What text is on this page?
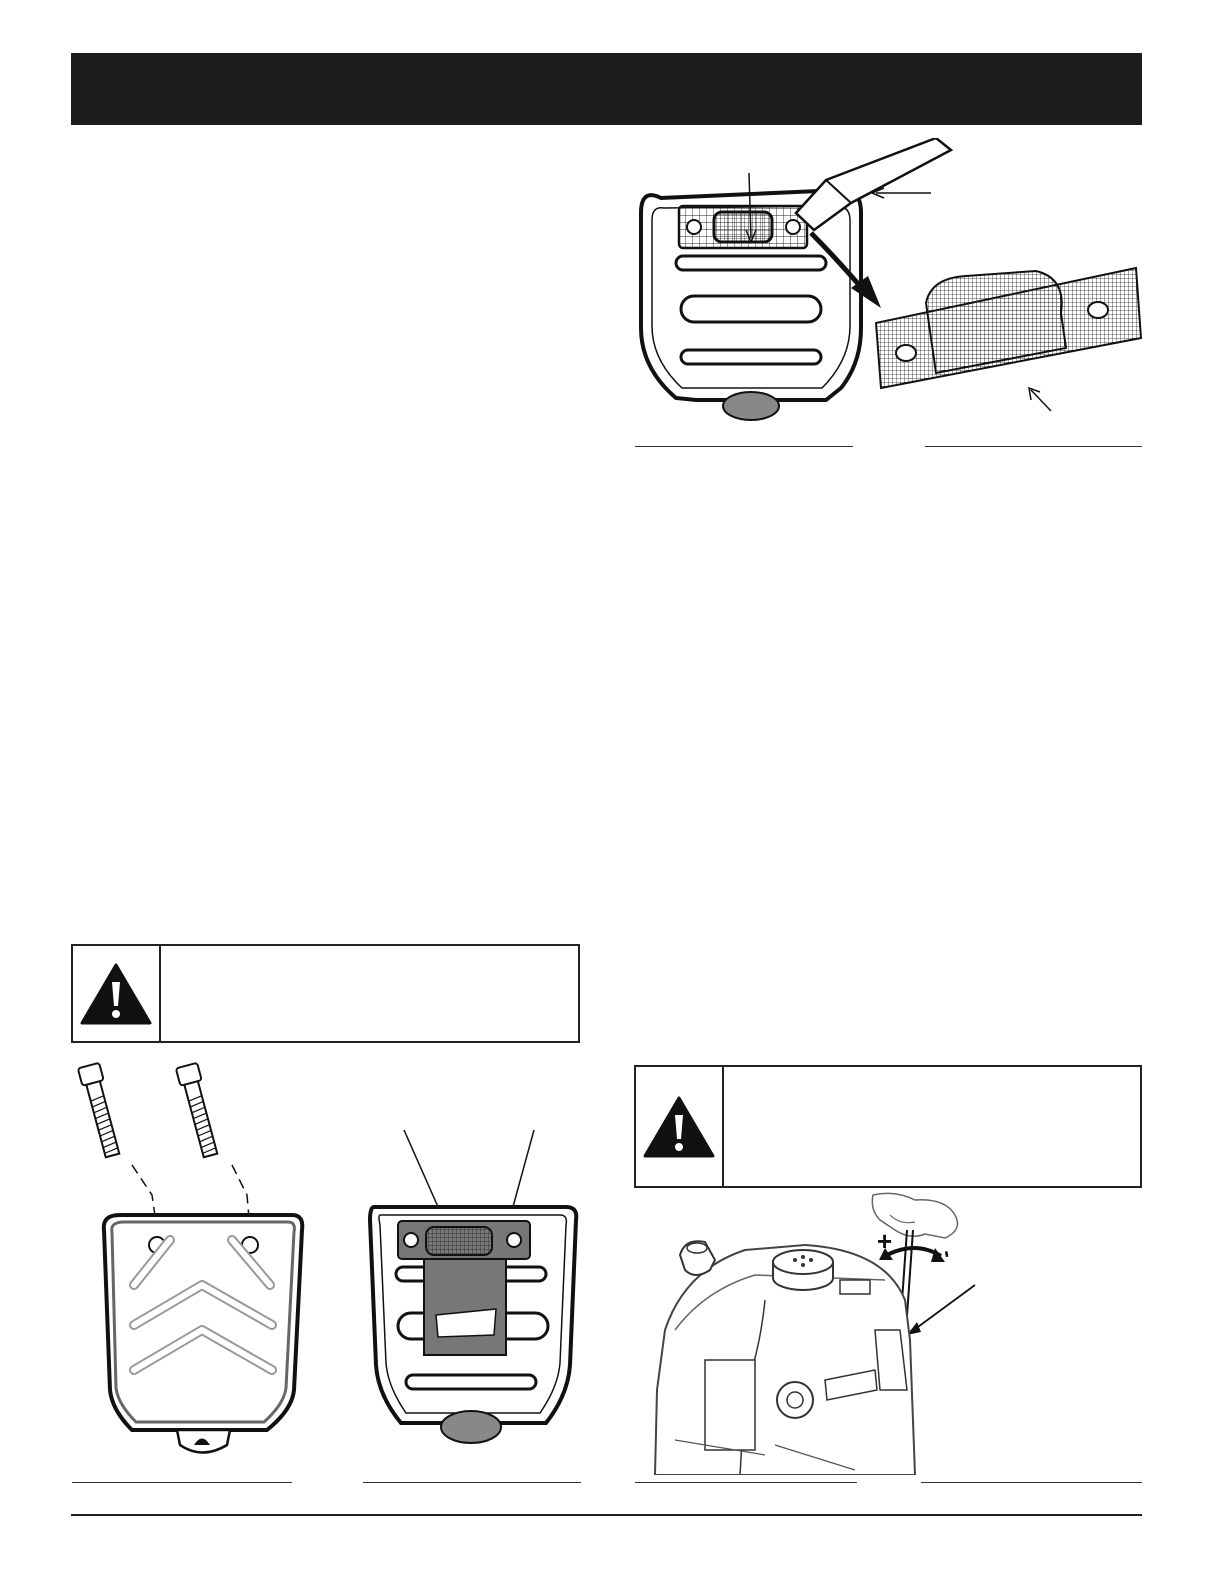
+ -
